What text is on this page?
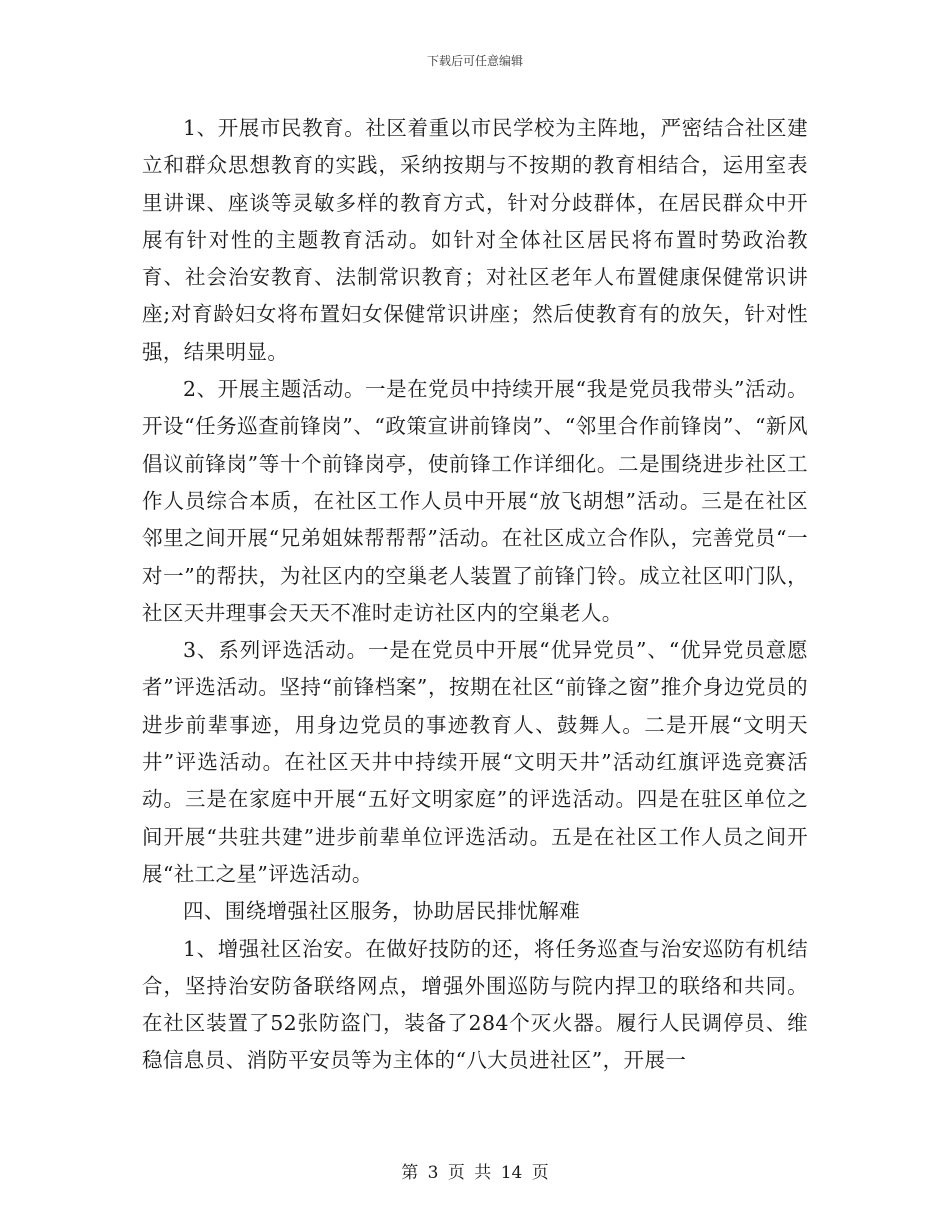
下载后可任意编辑

1、开展市民教育。社区着重以市民学校为主阵地，严密结合社区建立和群众思想教育的实践，采纳按期与不按期的教育相结合，运用室表里讲课、座谈等灵敏多样的教育方式，针对分歧群体，在居民群众中开展有针对性的主题教育活动。如针对全体社区居民将布置时势政治教育、社会治安教育、法制常识教育；对社区老年人布置健康保健常识讲座;对育龄妇女将布置妇女保健常识讲座；然后使教育有的放矢，针对性强，结果明显。

2、开展主题活动。一是在党员中持续开展“我是党员我带头”活动。开设“任务巡查前锋岗”、“政策宣讲前锋岗”、“邻里合作前锋岗”、“新风倡议前锋岗”等十个前锋岗亭，使前锋工作详细化。二是围绕进步社区工作人员综合本质，在社区工作人员中开展“放飞胡想”活动。三是在社区邻里之间开展“兄弟姐妹帮帮帮”活动。在社区成立合作队，完善党员“一对一”的帮扶，为社区内的空巢老人装置了前锋门铃。成立社区叩门队，社区天井理事会天天不准时走访社区内的空巢老人。

3、系列评选活动。一是在党员中开展“优异党员”、“优异党员意愿者”评选活动。坚持“前锋档案”，按期在社区“前锋之窗”推介身边党员的进步前辈事迹，用身边党员的事迹教育人、鼓舞人。二是开展“文明天井”评选活动。在社区天井中持续开展“文明天井”活动红旗评选竞赛活动。三是在家庭中开展“五好文明家庭”的评选活动。四是在驻区单位之间开展“共驻共建”进步前辈单位评选活动。五是在社区工作人员之间开展“社工之星”评选活动。

四、围绕增强社区服务，协助居民排忧解难

1、增强社区治安。在做好技防的还，将任务巡查与治安巡防有机结合，坚持治安防备联络网点，增强外围巡防与院内捍卫的联络和共同。在社区装置了52张防盗门，装备了284个灭火器。履行人民调停员、维稳信息员、消防平安员等为主体的“八大员进社区”，开展一

第 3 页 共 14 页
